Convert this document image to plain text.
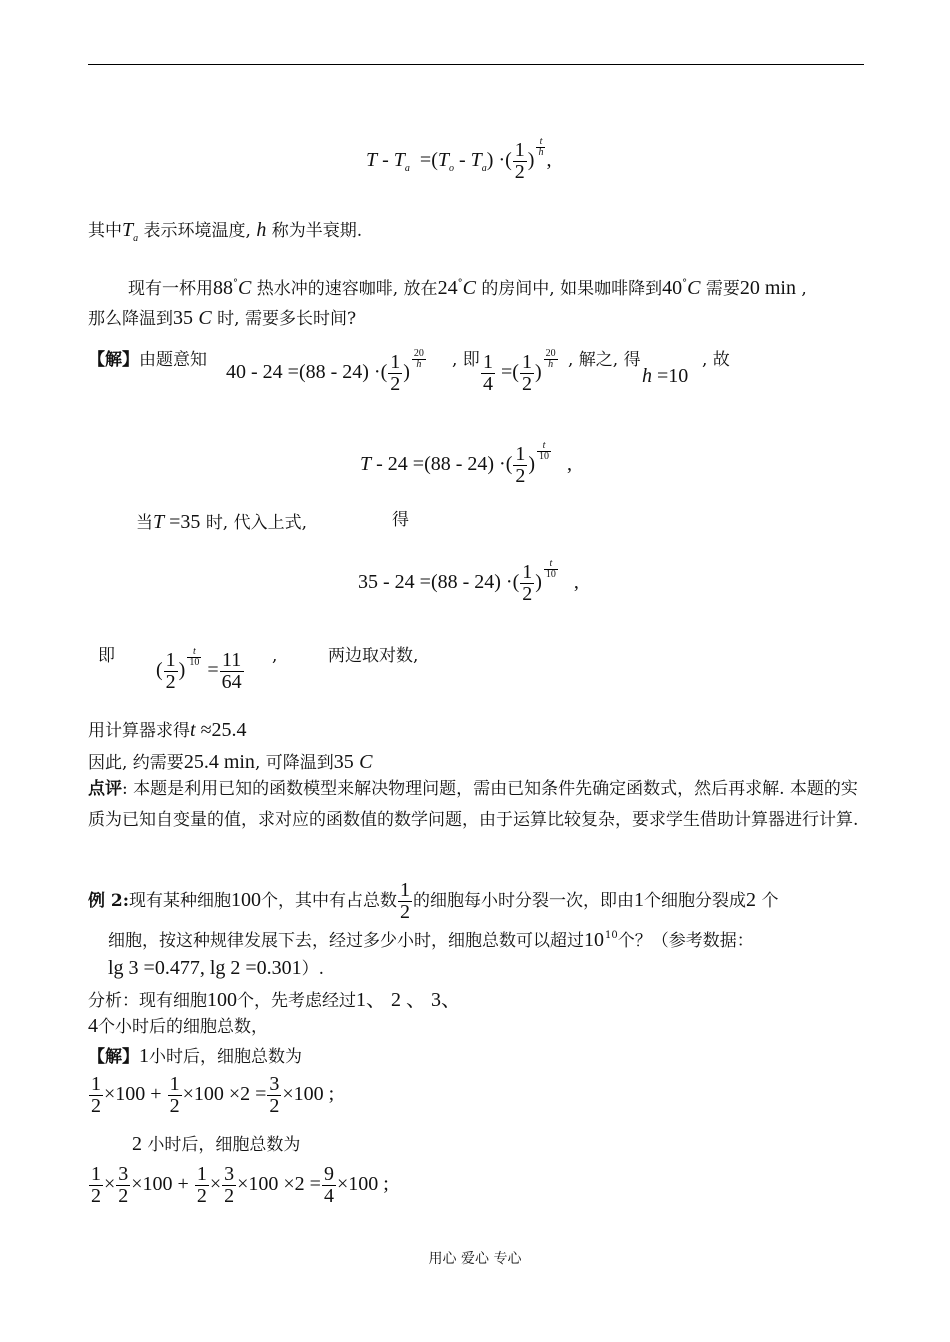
$T - T_a =(T_o - T_a)$ ·( $\frac{1}{2}$ )
$^{\frac{t}{h}}$
,
其中$T_a$ 表示环境温度, h 称为半衰期.
现有一杯用88°C 热水冲的速容咖啡, 放在24°C 的房间中, 如果咖啡降到40°C 需要20 min ,
那么降温到35 C 时, 需要多长时间?
【解】由题意知
40 - 24 =(88 - 24) ·( $\frac{1}{2}$ )
$^{\frac{20}{h}}$ , 即 $\frac{1}{4}$ =( $\frac{1}{2}$ )
$^{\frac{20}{h}}$ , 解之, 得
h =10
, 故
T - 24 =(88 - 24) ·( $\frac{1}{2}$ )
$^{\frac{t}{10}}$
,
当T =35 时, 代入上式,	得
35 - 24 =(88 - 24) ·( $\frac{1}{2}$ )
$^{\frac{t}{10}}$
,
即
( $\frac{1}{2}$ )
$^{\frac{t}{10}}$
= $\frac{11}{64}$ ,	两边取对数,
用计算器求得t ≈25.4
因此, 约需要25.4 min, 可降温到35 C
点评: 本题是利用已知的函数模型来解决物理问题，需由已知条件先确定函数式，然后再求解. 本题的实质为已知自变量的值，求对应的函数值的数学问题，由于运算比较复杂，要求学生借助计算器进行计算.
例 2:现有某种细胞100个，其中有占总数 $\frac{1}{2}$ 的细胞每小时分裂一次，即由1个细胞分裂成2 个
细胞，按这种规律发展下去，经过多少小时，细胞总数可以超过$10^{10}$个？（参考数据：
lg 3 =0.477, lg 2 =0.301）.
分析：现有细胞100个，先考虑经过1、 2 、 3、
4个小时后的细胞总数，
【解】1小时后，细胞总数为
$\frac{1}{2} \times 100 + \frac{1}{2} \times 100 \times 2 = \frac{3}{2} \times 100$ ;
2 小时后，细胞总数为
$\frac{1}{2} \times \frac{3}{2} \times 100 + \frac{1}{2} \times \frac{3}{2} \times 100 \times 2 = \frac{9}{4} \times 100$ ;
用心 爱心 专心
